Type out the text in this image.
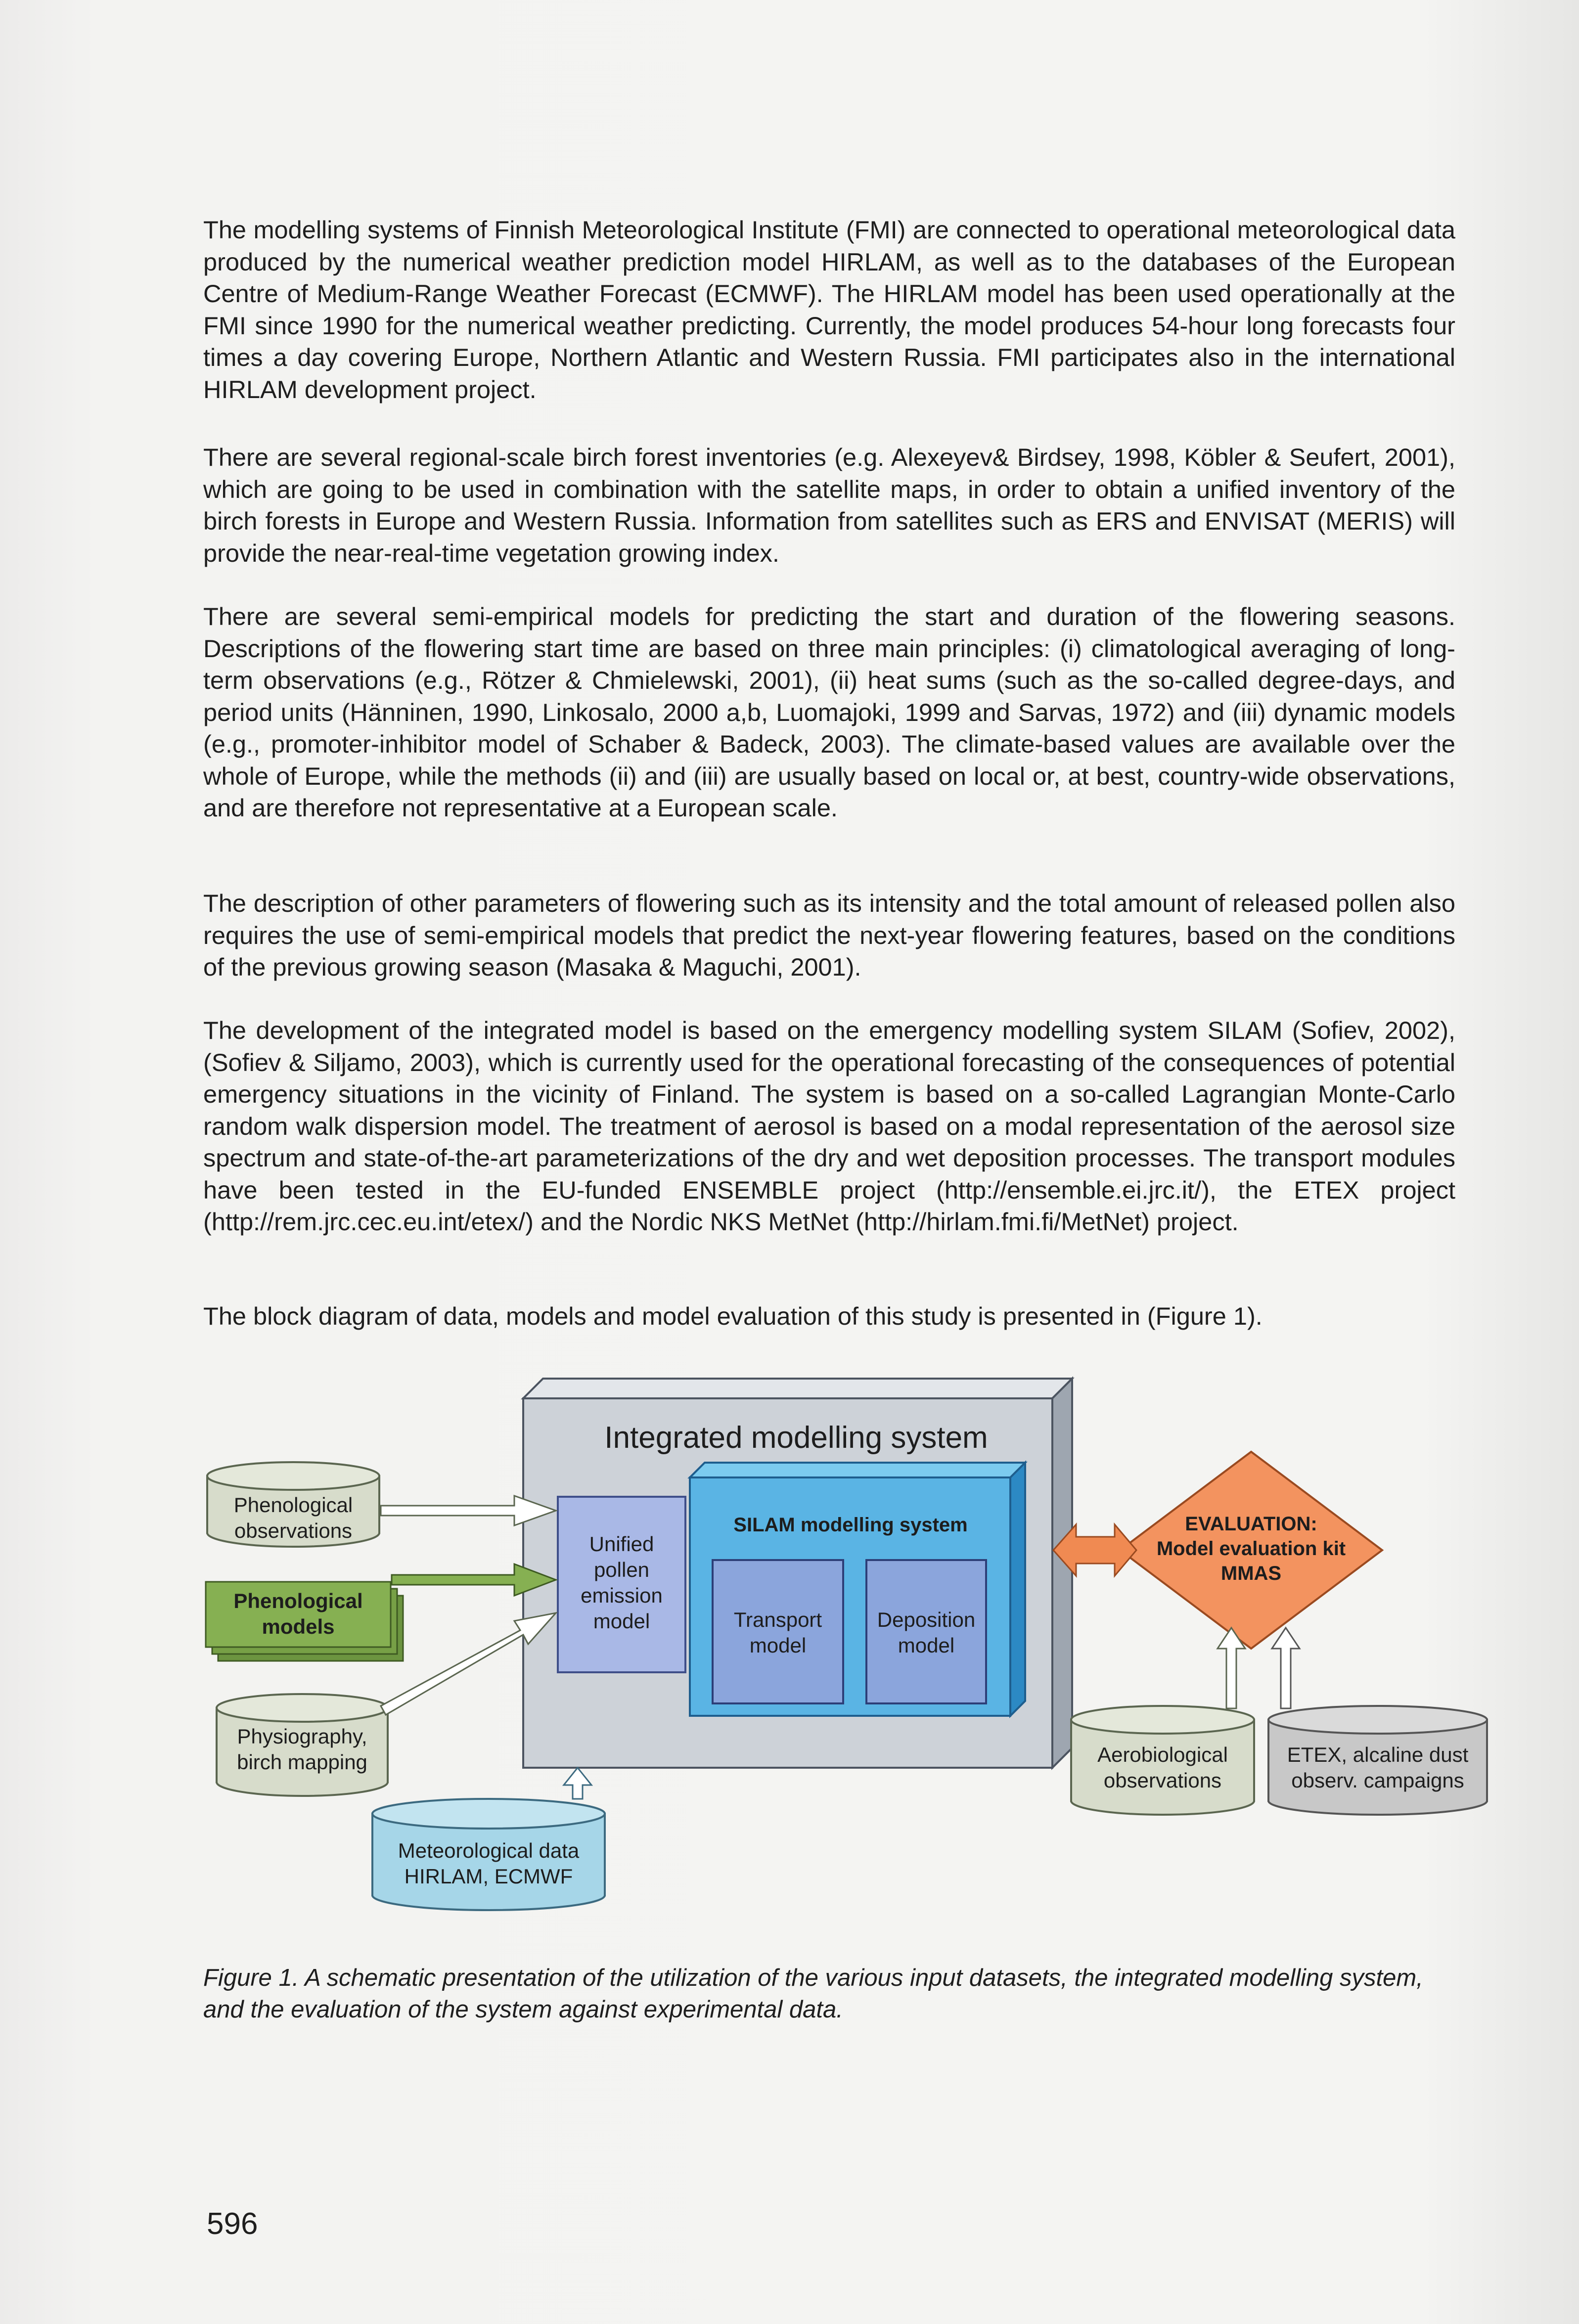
The modelling systems of Finnish Meteorological Institute (FMI) are connected to operational meteorological data produced by the numerical weather prediction model HIRLAM, as well as to the databases of the European Centre of Medium-Range Weather Forecast (ECMWF). The HIRLAM model has been used operationally at the FMI since 1990 for the numerical weather predicting. Currently, the model produces 54-hour long forecasts four times a day covering Europe, Northern Atlantic and Western Russia. FMI participates also in the international HIRLAM development project.

There are several regional-scale birch forest inventories (e.g. Alexeyev& Birdsey, 1998, Köbler & Seufert, 2001), which are going to be used in combination with the satellite maps, in order to obtain a unified inventory of the birch forests in Europe and Western Russia. Information from satellites such as ERS and ENVISAT (MERIS) will provide the near-real-time vegetation growing index.

There are several semi-empirical models for predicting the start and duration of the flowering seasons. Descriptions of the flowering start time are based on three main principles: (i) climatological averaging of long-term observations (e.g., Rötzer & Chmielewski, 2001), (ii) heat sums (such as the so-called degree-days, and period units (Hänninen, 1990, Linkosalo, 2000 a,b, Luomajoki, 1999 and Sarvas, 1972) and (iii) dynamic models (e.g., promoter-inhibitor model of Schaber & Badeck, 2003). The climate-based values are available over the whole of Europe, while the methods (ii) and (iii) are usually based on local or, at best, country-wide observations, and are therefore not representative at a European scale.

The description of other parameters of flowering such as its intensity and the total amount of released pollen also requires the use of semi-empirical models that predict the next-year flowering features, based on the conditions of the previous growing season (Masaka & Maguchi, 2001).

The development of the integrated model is based on the emergency modelling system SILAM (Sofiev, 2002), (Sofiev & Siljamo, 2003), which is currently used for the operational forecasting of the consequences of potential emergency situations in the vicinity of Finland. The system is based on a so-called Lagrangian Monte-Carlo random walk dispersion model. The treatment of aerosol is based on a modal representation of the aerosol size spectrum and state-of-the-art parameterizations of the dry and wet deposition processes. The transport modules have been tested in the EU-funded ENSEMBLE project (http://ensemble.ei.jrc.it/), the ETEX project (http://rem.jrc.cec.eu.int/etex/) and the Nordic NKS MetNet (http://hirlam.fmi.fi/MetNet) project.

The block diagram of data, models and model evaluation of this study is presented in (Figure 1).

Integrated modelling system
SILAM modelling system
Unified
pollen
emission
model	Transport
model
Deposition
model
Phenological
observations
Phenological
models
Physiography,
birch mapping
Meteorological data
HIRLAM, ECMWF
EVALUATION:
Model evaluation kit
MMAS
Aerobiological
observations
ETEX, alcaline dust
observ. campaigns
Figure 1. A schematic presentation of the utilization of the various input datasets, the integrated modelling system, and the evaluation of the system against experimental data.
596
